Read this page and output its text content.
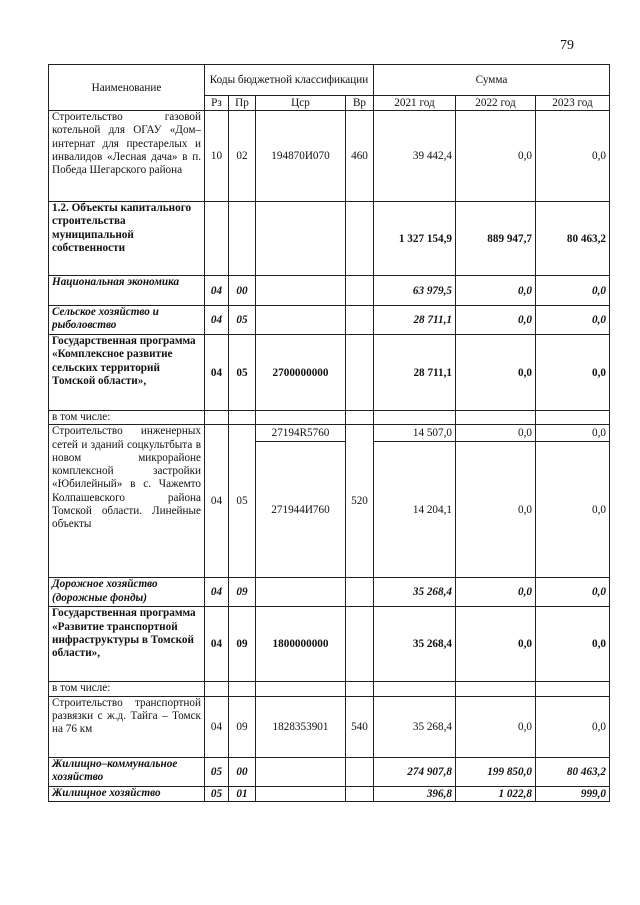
79
Наименование	Коды бюджетной классификации				Сумма		
	Рз	Пр	Цср	Вр	2021 год	2022 год	2023 год
Строительство газовой котельной для ОГАУ «Дом–интернат для престарелых и инвалидов «Лесная дача» в п. Победа Шегарского района	10	02	194870И070	460	39 442,4	0,0	0,0
1.2. Объекты капитального строительства муниципальной собственности					1 327 154,9	889 947,7	80 463,2
Национальная экономика	04	00			63 979,5	0,0	0,0
Сельское хозяйство и рыболовство	04	05			28 711,1	0,0	0,0
Государственная программа «Комплексное развитие сельских территорий Томской области»,	04	05	2700000000		28 711,1	0,0	0,0
в том числе:							
Строительство инженерных сетей и зданий соцкультбыта в новом микрорайоне комплексной застройки «Юбилейный» в с. Чажемто Колпашевского района Томской области. Линейные объекты	04	05	27194R5760	520	14 507,0	0,0	0,0
			271944И760		14 204,1	0,0	0,0
Дорожное хозяйство (дорожные фонды)	04	09			35 268,4	0,0	0,0
Государственная программа «Развитие транспортной инфраструктуры в Томской области»,	04	09	1800000000		35 268,4	0,0	0,0
в том числе:							
Строительство транспортной развязки с ж.д. Тайга – Томск на 76 км	04	09	1828353901	540	35 268,4	0,0	0,0
Жилищно–коммунальное хозяйство	05	00			274 907,8	199 850,0	80 463,2
Жилищное хозяйство	05	01			396,8	1 022,8	999,0
